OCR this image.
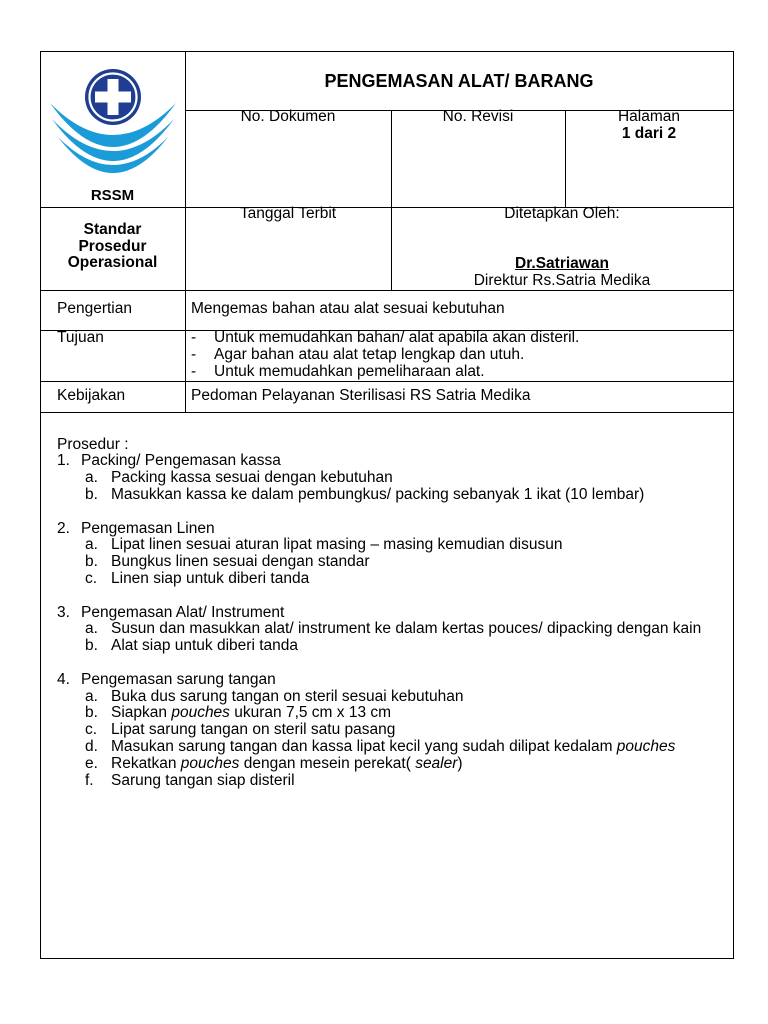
RSSM
PENGEMASAN ALAT/ BARANG
No. Dokumen	No. Revisi	Halaman
1 dari 2
Standar
Prosedur
Operasional
Tanggal Terbit	Ditetapkan Oleh:
Dr.Satriawan
Direktur Rs.Satria Medika
Pengertian	Mengemas bahan atau alat sesuai kebutuhan
Tujuan	- Untuk memudahkan bahan/ alat apabila akan disteril.
- Agar bahan atau alat tetap lengkap dan utuh.
- Untuk memudahkan pemeliharaan alat.
Kebijakan	Pedoman Pelayanan Sterilisasi RS Satria Medika
Prosedur :
1. Packing/ Pengemasan kassa
a. Packing kassa sesuai dengan kebutuhan
b. Masukkan kassa ke dalam pembungkus/ packing sebanyak 1 ikat (10 lembar)
2. Pengemasan Linen
a. Lipat linen sesuai aturan lipat masing – masing kemudian disusun
b. Bungkus linen sesuai dengan standar
c. Linen siap untuk diberi tanda
3. Pengemasan Alat/ Instrument
a. Susun dan masukkan alat/ instrument ke dalam kertas pouces/ dipacking dengan kain
b. Alat siap untuk diberi tanda
4. Pengemasan sarung tangan
a. Buka dus sarung tangan on steril sesuai kebutuhan
b. Siapkan pouches ukuran 7,5 cm x 13 cm
c. Lipat sarung tangan on steril satu pasang
d. Masukan sarung tangan dan kassa lipat kecil yang sudah dilipat kedalam pouches
e. Rekatkan pouches dengan mesein perekat( sealer)
f. Sarung tangan siap disteril
